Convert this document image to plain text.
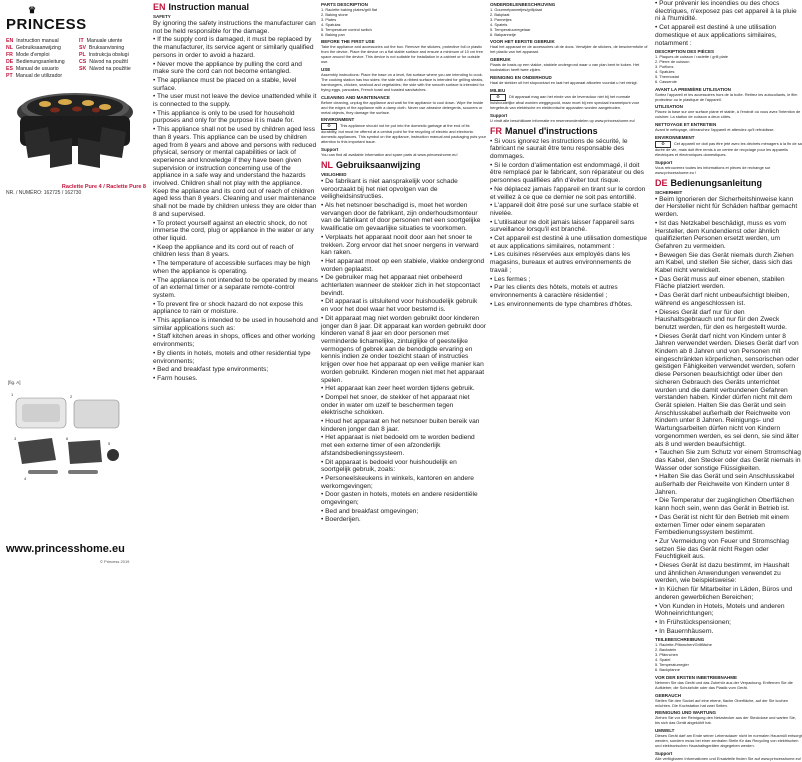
♛
PRINCESS
EN Instruction manual	IT Manuale utente
NL Gebruiksaanwijzing	SV Bruksanvisning
FR Mode d'emploi	PL Instrukcja obsługi
DE Bedienungsanleitung	CS Návod na použití
ES Manual de usuario	SK Návod na použitie
PT Manual de utilizador
Raclette Pure 4 / Raclette Pure 8
NR. / NUMÉRO: 162725 / 162730
[fig. A]
1	2
3
4
5
6
www.princesshome.eu
© Princess 2019
EN Instruction manual
SAFETY
By ignoring the safety instructions the manufacturer can not be held responsible for the damage.
• If the supply cord is damaged, it must be replaced by the manufacturer, its service agent or similarly qualified persons in order to avoid a hazard.
• Never move the appliance by pulling the cord and make sure the cord can not become entangled.
• The appliance must be placed on a stable, level surface.
• The user must not leave the device unattended while it is connected to the supply.
• This appliance is only to be used for household purposes and only for the purpose it is made for.
• This appliance shall not be used by children aged less than 8 years. This appliance can be used by children aged from 8 years and above and persons with reduced physical, sensory or mental capabilities or lack of experience and knowledge if they have been given supervision or instruction concerning use of the appliance in a safe way and understand the hazards involved. Children shall not play with the appliance. Keep the appliance and its cord out of reach of children aged less than 8 years. Cleaning and user maintenance shall not be made by children unless they are older than 8 and supervised.
• To protect yourself against an electric shock, do not immerse the cord, plug or appliance in the water or any other liquid.
• Keep the appliance and its cord out of reach of children less than 8 years.
• The temperature of accessible surfaces may be high when the appliance is operating.
• The appliance is not intended to be operated by means of an external timer or a separate remote-control system.
• To prevent fire or shock hazard do not expose this appliance to rain or moisture.
• This appliance is intended to be used in household and similar applications such as:
• Staff kitchen areas in shops, offices and other working environments;
• By clients in hotels, motels and other residential type environments;
• Bed and breakfast type environments;
• Farm houses.
PARTS DESCRIPTION
1. Raclette baking plates/grill flat
2. Baking stone
3. Plates
4. Spatulas
5. Temperature control switch
6. Baking pan
BEFORE THE FIRST USE
Take the appliance and accessories out the box. Remove the stickers, protective foil or plastic from the device. Place the device on a flat stable surface and ensure a minimum of 10 cm free space around the device. This device is not suitable for installation in a cabinet or for outside use.
USE
Assembly instructions: Place the base on a level, flat surface where you are intending to cook. The cooking station has two sides: the side with a ribbed surface is intended for grilling steaks, hamburgers, chicken, seafood and vegetables; the side with the smooth surface is intended for frying eggs, pancakes, French toast and toasted sandwiches.
CLEANING AND MAINTENANCE
Before cleaning, unplug the appliance and wait for the appliance to cool down. Wipe the inside and the edges of the appliance with a damp cloth. Never use abrasive detergents, scourers or metal objects, they damage the surface.
ENVIRONMENT
♻ This appliance should not be put into the domestic garbage at the end of its durability, but must be offered at a central point for the recycling of electric and electronic domestic appliances. This symbol on the appliance, instruction manual and packaging puts your attention to this important issue.
Support
You can find all available information and spare parts at www.princesshome.eu!
NL Gebruiksaanwijzing
VEILIGHEID
• De fabrikant is niet aansprakelijk voor schade veroorzaakt bij het niet opvolgen van de veiligheidsinstructies.
• Als het netsnoer beschadigd is, moet het worden vervangen door de fabrikant, zijn onderhoudsmonteur van de fabrikant of door personen met een soortgelijke kwalificatie om gevaarlijke situaties te voorkomen.
• Verplaats het apparaat nooit door aan het snoer te trekken. Zorg ervoor dat het snoer nergens in verward kan raken.
• Het apparaat moet op een stabiele, vlakke ondergrond worden geplaatst.
• De gebruiker mag het apparaat niet onbeheerd achterlaten wanneer de stekker zich in het stopcontact bevindt.
• Dit apparaat is uitsluitend voor huishoudelijk gebruik en voor het doel waar het voor bestemd is.
• Dit apparaat mag niet worden gebruikt door kinderen jonger dan 8 jaar. Dit apparaat kan worden gebruikt door kinderen vanaf 8 jaar en door personen met verminderde lichamelijke, zintuiglijke of geestelijke vermogens of gebrek aan de benodigde ervaring en kennis indien ze onder toezicht staan of instructies krijgen over hoe het apparaat op een veilige manier kan worden gebruikt. Kinderen mogen niet met het apparaat spelen.
• Het apparaat kan zeer heet worden tijdens gebruik.
• Dompel het snoer, de stekker of het apparaat niet onder in water om uzelf te beschermen tegen elektrische schokken.
• Houd het apparaat en het netsnoer buiten bereik van kinderen jonger dan 8 jaar.
• Het apparaat is niet bedoeld om te worden bediend met een externe timer of een afzonderlijk afstandsbedieningssysteem.
• Dit apparaat is bedoeld voor huishoudelijk en soortgelijk gebruik, zoals:
• Personeelskeukens in winkels, kantoren en andere werkomgevingen;
• Door gasten in hotels, motels en andere residentiële omgevingen;
• Bed and breakfast omgevingen;
• Boerderijen.
ONDERDELENBESCHRIJVING
1. Gourmetpannetjes/grillplaat
2. Bakplaat
3. Pannetjes
4. Spatels
5. Temperatuurregelaar
6. Bakpannetje
VOOR HET EERSTE GEBRUIK
Haal het apparaat en de accessoires uit de doos. Verwijder de stickers, de beschermfolie of het plastic van het apparaat.
GEBRUIK
Plaats de basis op een vlakke, stabiele ondergrond waar u van plan bent te koken. Het kookstation heeft twee zijden.
REINIGING EN ONDERHOUD
Haal de stekker uit het stopcontact en laat het apparaat afkoelen voordat u het reinigt.
MILIEU
♻ Dit apparaat mag aan het einde van de levensduur niet bij het normale huishoudelijke afval worden weggegooid, maar moet bij een speciaal inzamelpunt voor hergebruik van elektrische en elektronische apparaten worden aangeboden.
Support
U vindt alle beschikbare informatie en reserveonderdelen op www.princesshome.eu!
FR Manuel d'instructions
• Si vous ignorez les instructions de sécurité, le fabricant ne saurait être tenu responsable des dommages.
• Si le cordon d'alimentation est endommagé, il doit être remplacé par le fabricant, son réparateur ou des personnes qualifiées afin d'éviter tout risque.
• Ne déplacez jamais l'appareil en tirant sur le cordon et veillez à ce que ce dernier ne soit pas entortillé.
• L'appareil doit être posé sur une surface stable et nivelée.
• L'utilisateur ne doit jamais laisser l'appareil sans surveillance lorsqu'il est branché.
• Cet appareil est destiné à une utilisation domestique et aux applications similaires, notamment :
• Les cuisines réservées aux employés dans les magasins, bureaux et autres environnements de travail ;
• Les fermes ;
• Par les clients des hôtels, motels et autres environnements à caractère résidentiel ;
• Les environnements de type chambres d'hôtes.
• Pour prévenir les incendies ou des chocs électriques, n'exposez pas cet appareil à la pluie ni à l'humidité.
• Cet appareil est destiné à une utilisation domestique et aux applications similaires, notamment :
DESCRIPTION DES PIÈCES
1. Plaques de cuisson / raclette / grill plate
2. Pierre de cuisson
3. Poêlons
4. Spatules
5. Thermostat
6. Casserole
AVANT LA PREMIÈRE UTILISATION
Sortez l'appareil et les accessoires hors de la boîte. Retirez les autocollants, le film protecteur ou le plastique de l'appareil.
UTILISATION
Placez la base sur une surface plane et stable, à l'endroit où vous avez l'intention de cuisiner. La station de cuisson a deux côtés.
NETTOYAGE ET ENTRETIEN
Avant le nettoyage, débranchez l'appareil et attendez qu'il refroidisse.
ENVIRONNEMENT
♻ Cet appareil ne doit pas être jeté avec les déchets ménagers à la fin de sa durée de vie, mais doit être remis à un centre de recyclage pour les appareils électriques et électroniques domestiques.
Support
Vous retrouverez toutes les informations et pièces de rechange sur www.princesshome.eu !
DE Bedienungsanleitung
SICHERHEIT
• Beim Ignorieren der Sicherheitshinweise kann der Hersteller nicht für Schäden haftbar gemacht werden.
• Ist das Netzkabel beschädigt, muss es vom Hersteller, dem Kundendienst oder ähnlich qualifizierten Personen ersetzt werden, um Gefahren zu vermeiden.
• Bewegen Sie das Gerät niemals durch Ziehen am Kabel, und stellen Sie sicher, dass sich das Kabel nicht verwickelt.
• Das Gerät muss auf einer ebenen, stabilen Fläche platziert werden.
• Das Gerät darf nicht unbeaufsichtigt bleiben, während es angeschlossen ist.
• Dieses Gerät darf nur für den Haushaltsgebrauch und nur für den Zweck benutzt werden, für den es hergestellt wurde.
• Dieses Gerät darf nicht von Kindern unter 8 Jahren verwendet werden. Dieses Gerät darf von Kindern ab 8 Jahren und von Personen mit eingeschränkten körperlichen, sensorischen oder geistigen Fähigkeiten verwendet werden, sofern diese Personen beaufsichtigt oder über den sicheren Gebrauch des Geräts unterrichtet wurden und die damit verbundenen Gefahren verstanden haben. Kinder dürfen nicht mit dem Gerät spielen. Halten Sie das Gerät und sein Anschlusskabel außerhalb der Reichweite von Kindern unter 8 Jahren. Reinigungs- und Wartungsarbeiten dürfen nicht von Kindern vorgenommen werden, es sei denn, sie sind älter als 8 und werden beaufsichtigt.
• Tauchen Sie zum Schutz vor einem Stromschlag das Kabel, den Stecker oder das Gerät niemals in Wasser oder sonstige Flüssigkeiten.
• Halten Sie das Gerät und sein Anschlusskabel außerhalb der Reichweite von Kindern unter 8 Jahren.
• Die Temperatur der zugänglichen Oberflächen kann hoch sein, wenn das Gerät in Betrieb ist.
• Das Gerät ist nicht für den Betrieb mit einem externen Timer oder einem separaten Fernbedienungssystem bestimmt.
• Zur Vermeidung von Feuer und Stromschlag setzen Sie das Gerät nicht Regen oder Feuchtigkeit aus.
• Dieses Gerät ist dazu bestimmt, im Haushalt und ähnlichen Anwendungen verwendet zu werden, wie beispielsweise:
• In Küchen für Mitarbeiter in Läden, Büros und anderen gewerblichen Bereichen;
• Von Kunden in Hotels, Motels und anderen Wohneinrichtungen;
• In Frühstückspensionen;
• In Bauernhäusern.
TEILEBESCHREIBUNG
1. Raclette-Pfännchen/Grillfläche
2. Backstein
3. Pfännchen
4. Spatel
5. Temperaturregler
6. Backpfanne
VOR DER ERSTEN INBETRIEBNAHME
Nehmen Sie das Gerät und das Zubehör aus der Verpackung. Entfernen Sie die Aufkleber, die Schutzfolie oder das Plastik vom Gerät.
GEBRAUCH
Stellen Sie den Sockel auf eine ebene, flache Oberfläche, auf der Sie kochen möchten. Die Kochstation hat zwei Seiten.
REINIGUNG UND WARTUNG
Ziehen Sie vor der Reinigung den Netzstecker aus der Steckdose und warten Sie, bis sich das Gerät abgekühlt hat.
UMWELT
Dieses Gerät darf am Ende seiner Lebensdauer nicht im normalen Hausmüll entsorgt werden, sondern muss bei einer zentralen Stelle für das Recycling von elektrischen und elektronischen Haushaltsgeräten abgegeben werden.
Support
Alle verfügbaren Informationen und Ersatzteile finden Sie auf www.princesshome.eu!
